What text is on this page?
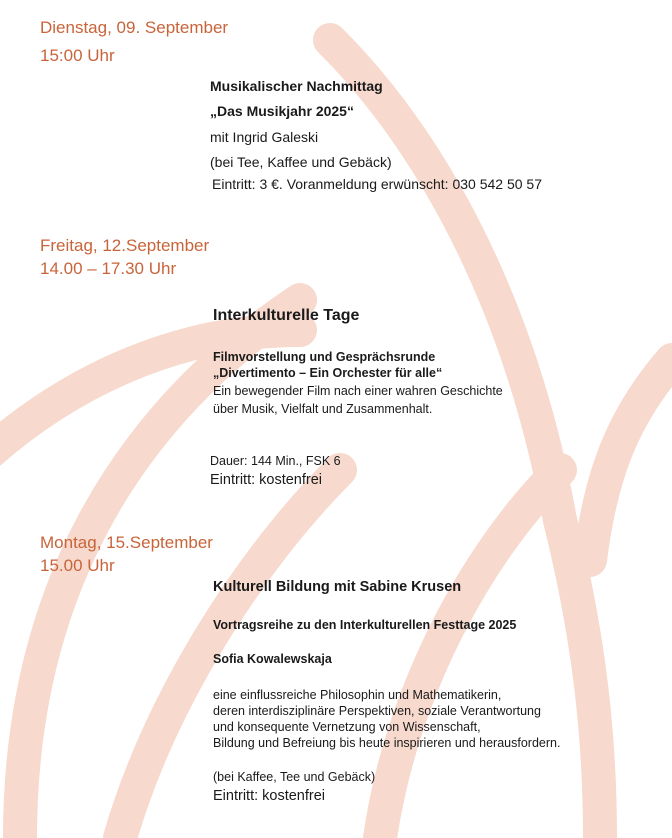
Dienstag, 09. September
15:00 Uhr
Musikalischer Nachmittag
„Das Musikjahr 2025“
mit Ingrid Galeski
(bei Tee, Kaffee und Gebäck)
Eintritt: 3 €. Voranmeldung erwünscht: 030 542 50 57
Freitag, 12.September
14.00 – 17.30 Uhr
Interkulturelle Tage
Filmvorstellung und Gesprächsrunde
„Divertimento – Ein Orchester für alle“
Ein bewegender Film nach einer wahren Geschichte
über Musik, Vielfalt und Zusammenhalt.
Dauer: 144 Min., FSK 6
Eintritt: kostenfrei
Montag, 15.September
15.00 Uhr
Kulturell Bildung mit Sabine Krusen
Vortragsreihe zu den Interkulturellen Festtage 2025
Sofia Kowalewskaja
eine einflussreiche Philosophin und Mathematikerin,
deren interdisziplinäre Perspektiven, soziale Verantwortung
und konsequente Vernetzung von Wissenschaft,
Bildung und Befreiung bis heute inspirieren und herausfordern.
(bei Kaffee, Tee und Gebäck)
Eintritt: kostenfrei
